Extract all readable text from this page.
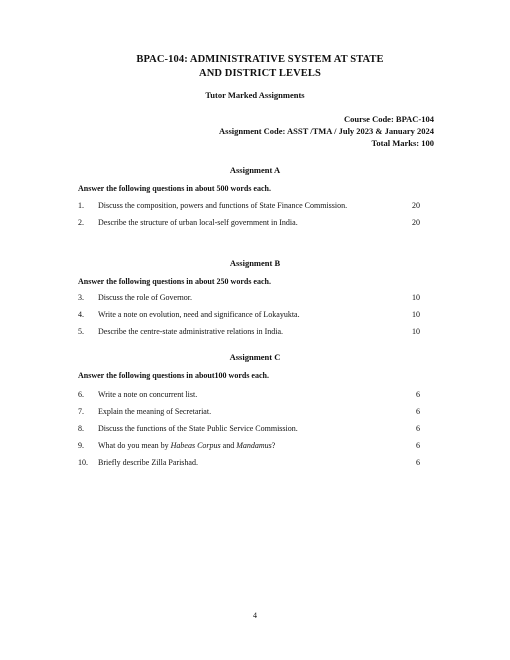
BPAC-104: ADMINISTRATIVE SYSTEM AT STATE
AND DISTRICT LEVELS
Tutor Marked Assignments
Course Code: BPAC-104
Assignment Code: ASST /TMA / July 2023 & January 2024
Total Marks: 100
Assignment A
Answer the following questions in about 500 words each.
1. Discuss the composition, powers and functions of State Finance Commission.	20
2. Describe the structure of urban local-self government in India.	20
Assignment B
Answer the following questions in about 250 words each.
3. Discuss the role of Governor.	10
4. Write a note on evolution, need and significance of Lokayukta.	10
5. Describe the centre-state administrative relations in India.	10
Assignment C
Answer the following questions in about100 words each.
6. Write a note on concurrent list.	6
7. Explain the meaning of Secretariat.	6
8. Discuss the functions of the State Public Service Commission.	6
9. What do you mean by Habeas Corpus and Mandamus?	6
10. Briefly describe Zilla Parishad.	6
4
